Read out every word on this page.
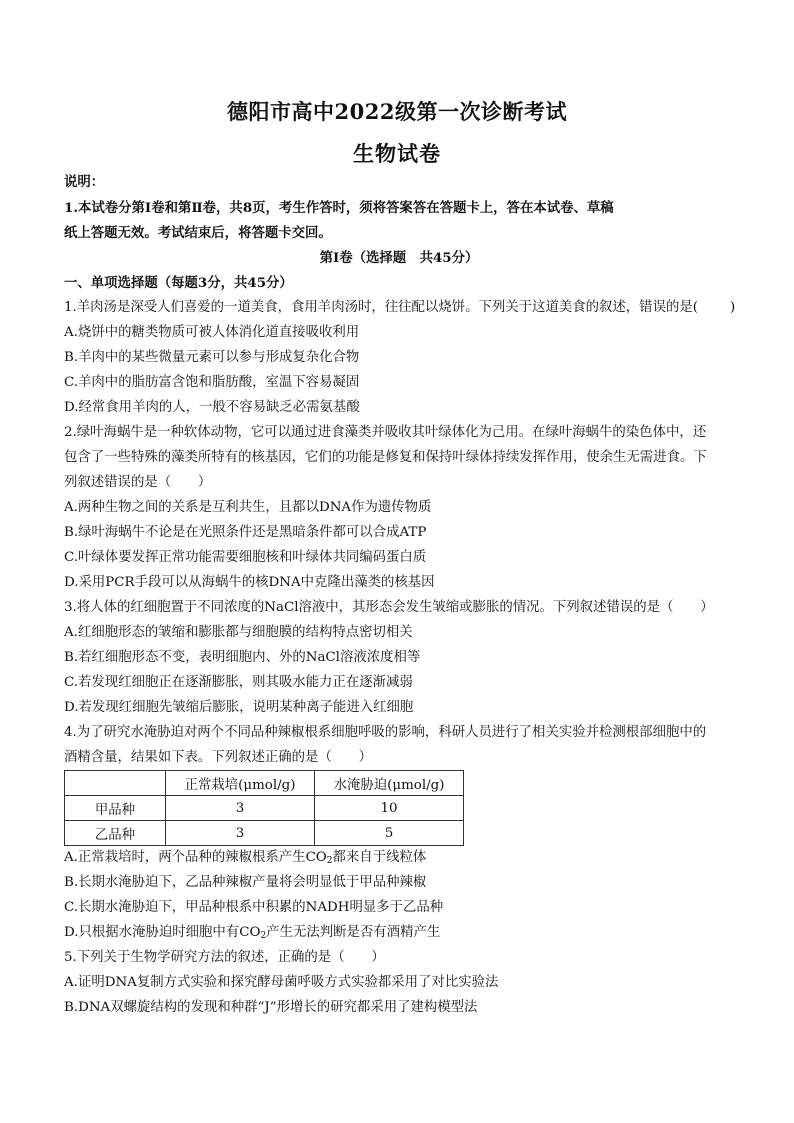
德阳市高中2022级第一次诊断考试
生物试卷
说明：
1.本试卷分第Ⅰ卷和第Ⅱ卷，共8页，考生作答时，须将答案答在答题卡上，答在本试卷、草稿
纸上答题无效。考试结束后，将答题卡交回。
第Ⅰ卷（选择题　共45分）
一、单项选择题（每题3分，共45分）
1.羊肉汤是深受人们喜爱的一道美食，食用羊肉汤时，往往配以烧饼。下列关于这道美食的叙述，错误的是( )
A.烧饼中的糖类物质可被人体消化道直接吸收利用
B.羊肉中的某些微量元素可以参与形成复杂化合物
C.羊肉中的脂肪富含饱和脂肪酸，室温下容易凝固
D.经常食用羊肉的人，一般不容易缺乏必需氨基酸
2.绿叶海蜗牛是一种软体动物，它可以通过进食藻类并吸收其叶绿体化为己用。在绿叶海蜗牛的染色体中，还
包含了一些特殊的藻类所特有的核基因，它们的功能是修复和保持叶绿体持续发挥作用，使余生无需进食。下
列叙述错误的是（　　）
A.两种生物之间的关系是互利共生，且都以DNA作为遗传物质
B.绿叶海蜗牛不论是在光照条件还是黑暗条件都可以合成ATP
C.叶绿体要发挥正常功能需要细胞核和叶绿体共同编码蛋白质
D.采用PCR手段可以从海蜗牛的核DNA中克隆出藻类的核基因
3.将人体的红细胞置于不同浓度的NaCl溶液中，其形态会发生皱缩或膨胀的情况。下列叙述错误的是（　　）
A.红细胞形态的皱缩和膨胀都与细胞膜的结构特点密切相关
B.若红细胞形态不变，表明细胞内、外的NaCl溶液浓度相等
C.若发现红细胞正在逐渐膨胀，则其吸水能力正在逐渐减弱
D.若发现红细胞先皱缩后膨胀，说明某种离子能进入红细胞
4.为了研究水淹胁迫对两个不同品种辣椒根系细胞呼吸的影响，科研人员进行了相关实验并检测根部细胞中的
酒精含量，结果如下表。下列叙述正确的是（　　）
	正常栽培(μmol/g)	水淹胁迫(μmol/g)
甲品种	3	10
乙品种	3	5
A.正常栽培时，两个品种的辣椒根系产生$CO_2$都来自于线粒体
B.长期水淹胁迫下，乙品种辣椒产量将会明显低于甲品种辣椒
C.长期水淹胁迫下，甲品种根系中积累的NADH明显多于乙品种
D.只根据水淹胁迫时细胞中有$CO_2$产生无法判断是否有酒精产生
5.下列关于生物学研究方法的叙述，正确的是（　　）
A.证明DNA复制方式实验和探究酵母菌呼吸方式实验都采用了对比实验法
B.DNA双螺旋结构的发现和种群“J”形增长的研究都采用了建构模型法
